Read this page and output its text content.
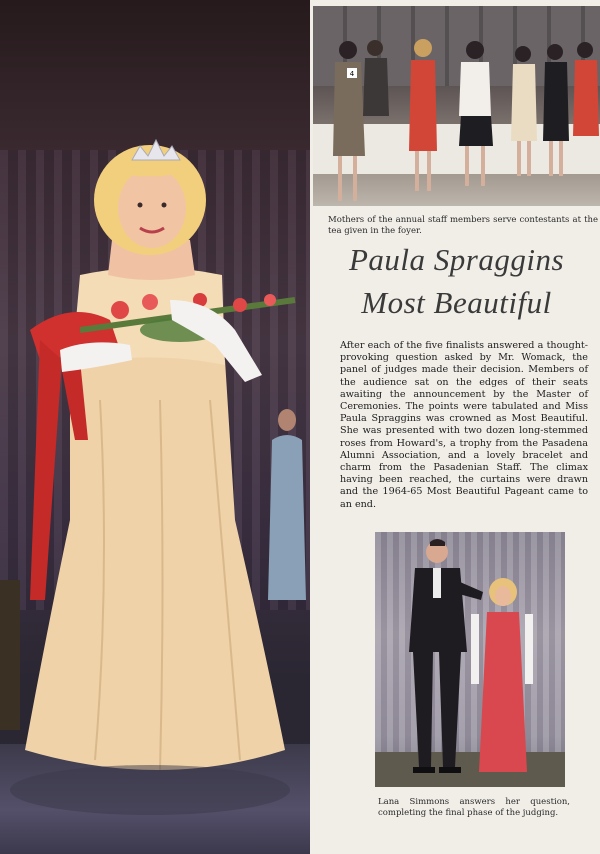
4
Mothers of the annual staff members serve contestants at the tea given in the foyer.
Paula Spraggins
Most Beautiful
After each of the five finalists answered a thought-provoking question asked by Mr. Womack, the panel of judges made their decision. Members of the audience sat on the edges of their seats awaiting the announcement by the Master of Ceremonies. The points were tabulated and Miss Paula Spraggins was crowned as Most Beautiful. She was presented with two dozen long-stemmed roses from Howard's, a trophy from the Pasadena Alumni Association, and a lovely bracelet and charm from the Pasadenian Staff. The climax having been reached, the curtains were drawn and the 1964-65 Most Beautiful Pageant came to an end.
Lana Simmons answers her question, completing the final phase of the judging.
